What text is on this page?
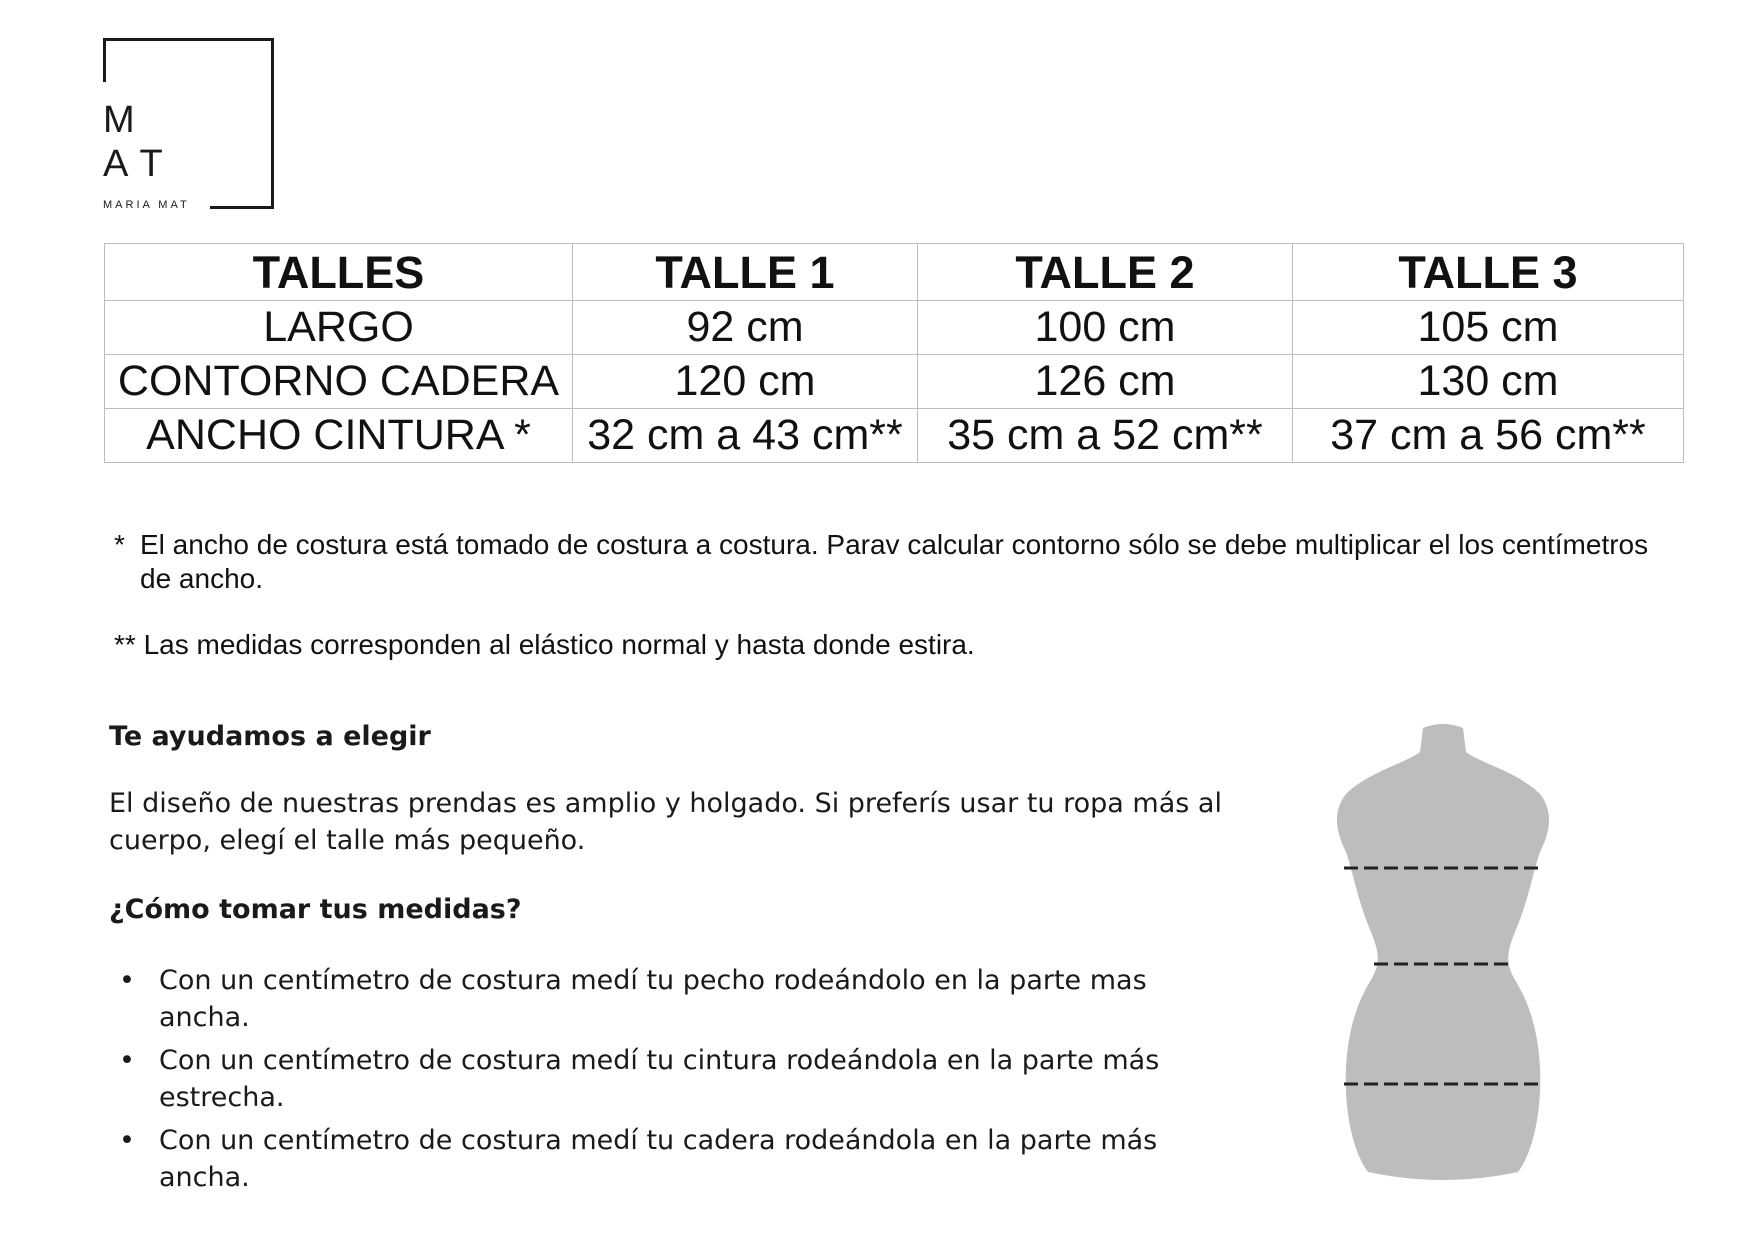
M
AT
MARIA MAT
TALLES	TALLE 1	TALLE 2	TALLE 3
LARGO	92 cm	100 cm	105 cm
CONTORNO CADERA	120 cm	126 cm	130 cm
ANCHO CINTURA *	32 cm a 43 cm**	35 cm a 52 cm**	37 cm a 56 cm**
* El ancho de costura está tomado de costura a costura. Parav calcular contorno sólo se debe multiplicar el los centímetros de ancho.
** Las medidas corresponden al elástico normal y hasta donde estira.
Te ayudamos a elegir

El diseño de nuestras prendas es amplio y holgado. Si preferís usar tu ropa más al cuerpo, elegí el talle más pequeño.

¿Cómo tomar tus medidas?
• Con un centímetro de costura medí tu pecho rodeándolo en la parte mas ancha.
• Con un centímetro de costura medí tu cintura rodeándola en la parte más estrecha.
• Con un centímetro de costura medí tu cadera rodeándola en la parte más ancha.
